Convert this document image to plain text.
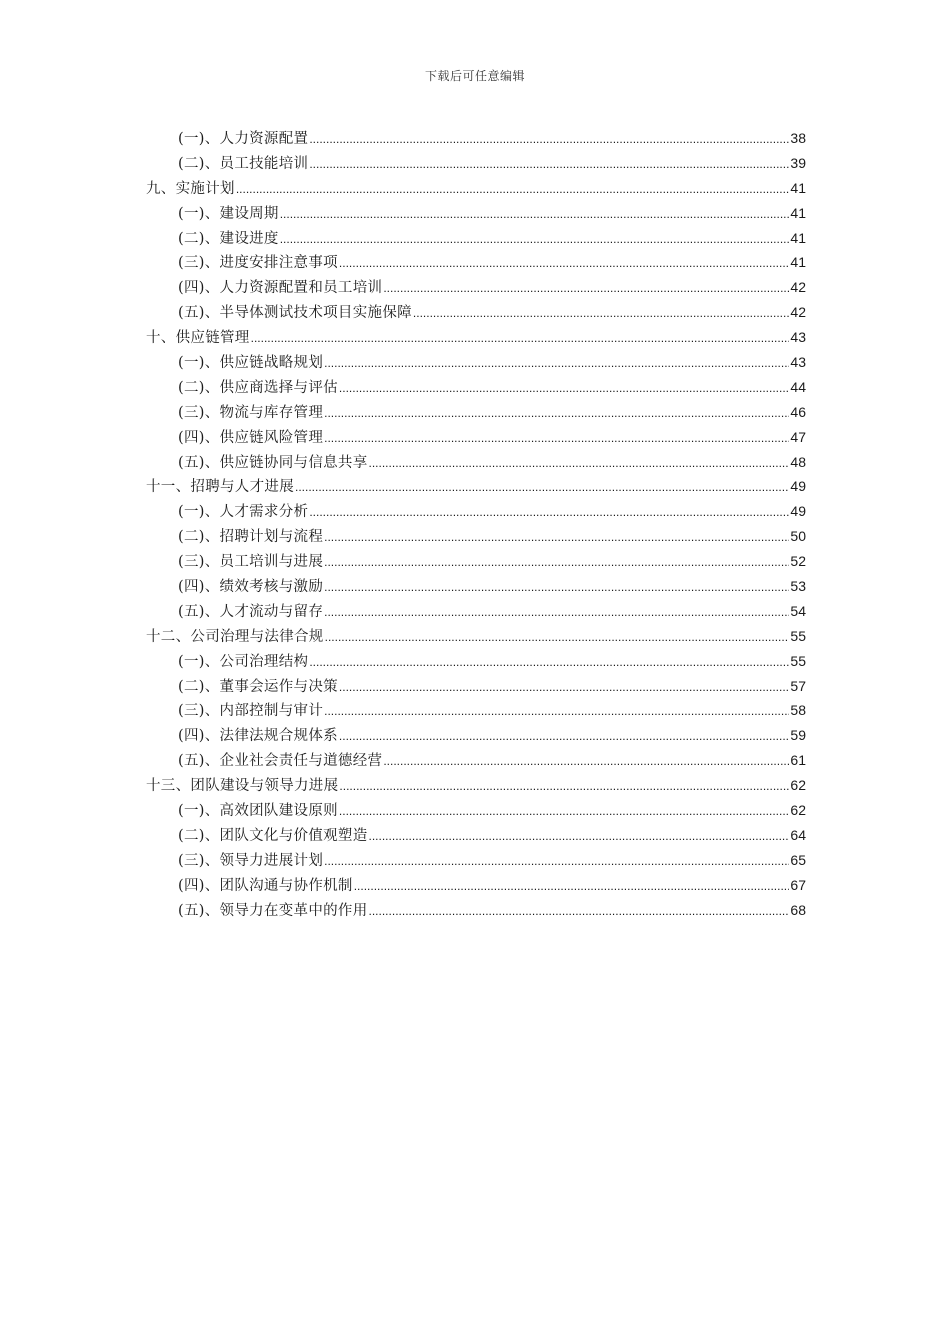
下载后可任意编辑
(一)、人力资源配置 .....	38
(二)、员工技能培训 .....	39
九、实施计划 .....	41
(一)、建设周期 .....	41
(二)、建设进度 .....	41
(三)、进度安排注意事项 .....	41
(四)、人力资源配置和员工培训 .....	42
(五)、半导体测试技术项目实施保障 .....	42
十、供应链管理 .....	43
(一)、供应链战略规划 .....	43
(二)、供应商选择与评估 .....	44
(三)、物流与库存管理 .....	46
(四)、供应链风险管理 .....	47
(五)、供应链协同与信息共享 .....	48
十一、招聘与人才进展 .....	49
(一)、人才需求分析 .....	49
(二)、招聘计划与流程 .....	50
(三)、员工培训与进展 .....	52
(四)、绩效考核与激励 .....	53
(五)、人才流动与留存 .....	54
十二、公司治理与法律合规 .....	55
(一)、公司治理结构 .....	55
(二)、董事会运作与决策 .....	57
(三)、内部控制与审计 .....	58
(四)、法律法规合规体系 .....	59
(五)、企业社会责任与道德经营 .....	61
十三、团队建设与领导力进展 .....	62
(一)、高效团队建设原则 .....	62
(二)、团队文化与价值观塑造 .....	64
(三)、领导力进展计划 .....	65
(四)、团队沟通与协作机制 .....	67
(五)、领导力在变革中的作用 .....	68
